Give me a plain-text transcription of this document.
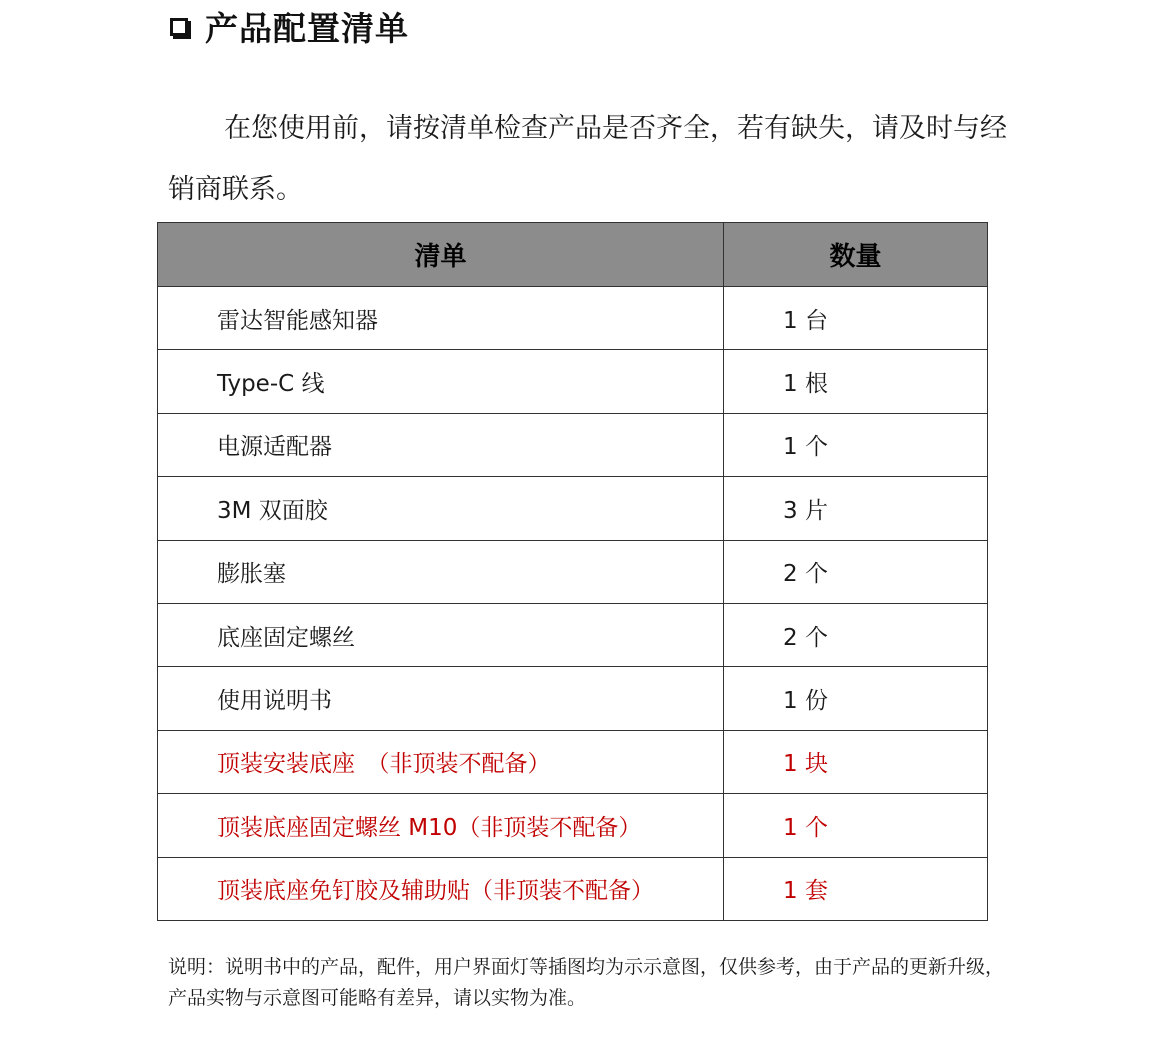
产品配置清单

在您使用前，请按清单检查产品是否齐全，若有缺失，请及时与经销商联系。

清单	数量
雷达智能感知器	1 台
Type-C 线	1 根
电源适配器	1 个
3M 双面胶	3 片
膨胀塞	2 个
底座固定螺丝	2 个
使用说明书	1 份
顶装安装底座　（非顶装不配备）	1 块
顶装底座固定螺丝 M10（非顶装不配备）	1 个
顶装底座免钉胶及辅助贴（非顶装不配备）	1 套

说明：说明书中的产品，配件，用户界面灯等插图均为示示意图，仅供参考，由于产品的更新升级，产品实物与示意图可能略有差异，请以实物为准。
